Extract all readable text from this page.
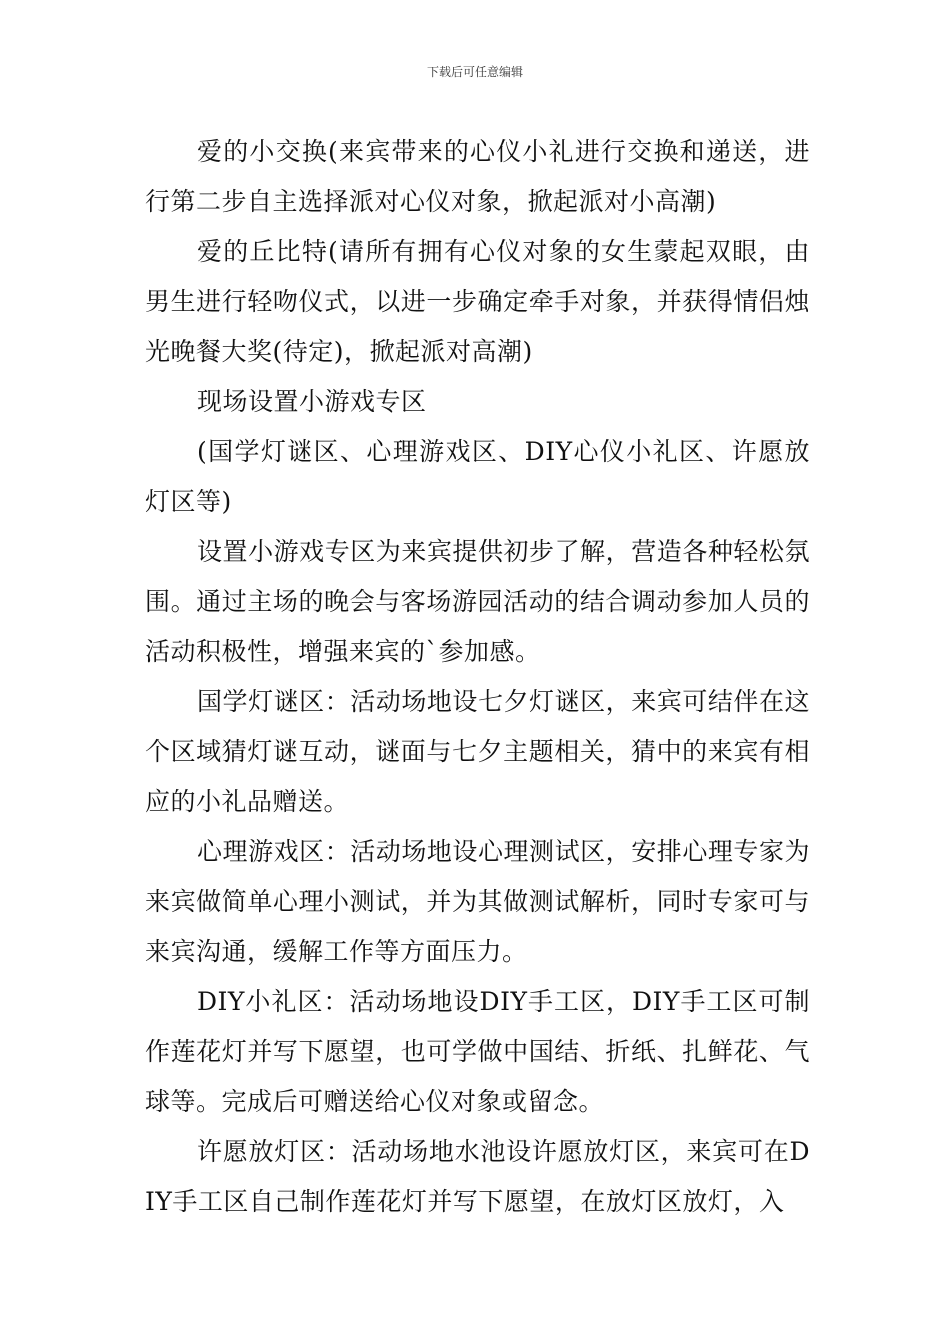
下载后可任意编辑

爱的小交换(来宾带来的心仪小礼进行交换和递送，进行第二步自主选择派对心仪对象，掀起派对小高潮)

爱的丘比特(请所有拥有心仪对象的女生蒙起双眼，由男生进行轻吻仪式，以进一步确定牵手对象，并获得情侣烛光晚餐大奖(待定)，掀起派对高潮)

现场设置小游戏专区

(国学灯谜区、心理游戏区、DIY心仪小礼区、许愿放灯区等)

设置小游戏专区为来宾提供初步了解，营造各种轻松氛围。通过主场的晚会与客场游园活动的结合调动参加人员的活动积极性，增强来宾的`参加感。

国学灯谜区：活动场地设七夕灯谜区，来宾可结伴在这个区域猜灯谜互动，谜面与七夕主题相关，猜中的来宾有相应的小礼品赠送。

心理游戏区：活动场地设心理测试区，安排心理专家为来宾做简单心理小测试，并为其做测试解析，同时专家可与来宾沟通，缓解工作等方面压力。

DIY小礼区：活动场地设DIY手工区，DIY手工区可制作莲花灯并写下愿望，也可学做中国结、折纸、扎鲜花、气球等。完成后可赠送给心仪对象或留念。

许愿放灯区：活动场地水池设许愿放灯区，来宾可在DIY手工区自己制作莲花灯并写下愿望，在放灯区放灯，入
